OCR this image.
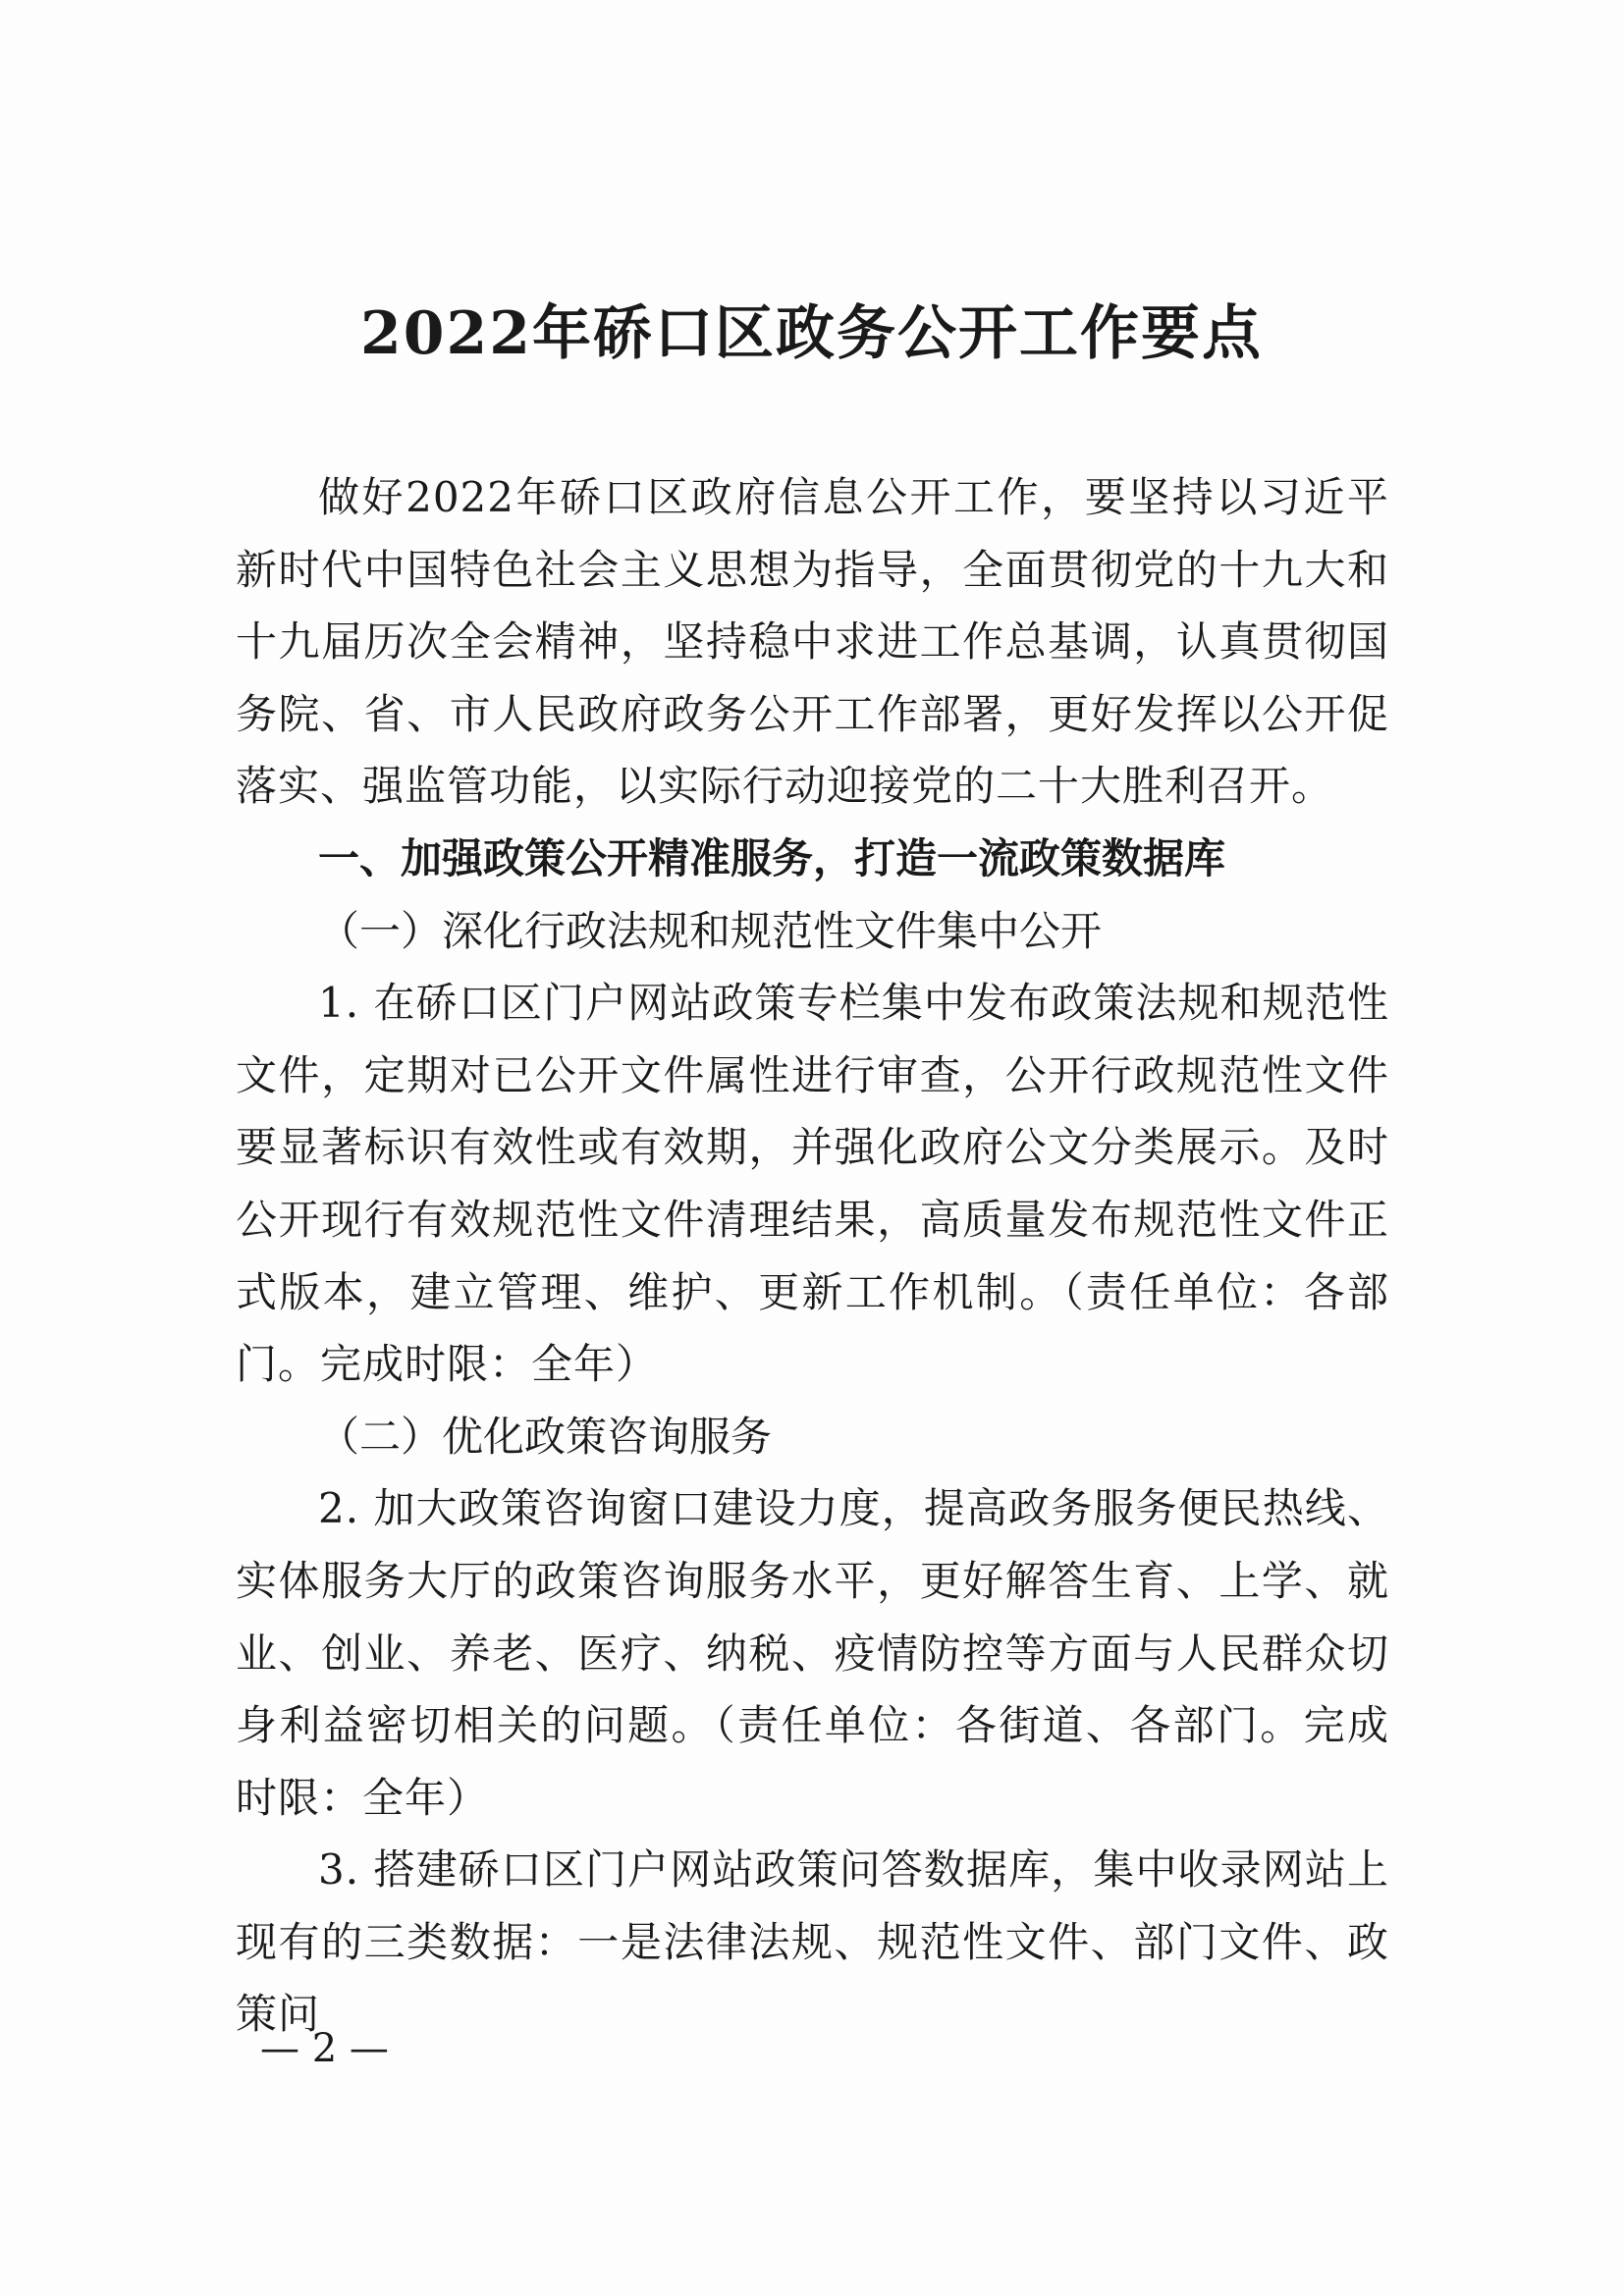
2022年硚口区政务公开工作要点

做好2022年硚口区政府信息公开工作，要坚持以习近平新时代中国特色社会主义思想为指导，全面贯彻党的十九大和十九届历次全会精神，坚持稳中求进工作总基调，认真贯彻国务院、省、市人民政府政务公开工作部署，更好发挥以公开促落实、强监管功能，以实际行动迎接党的二十大胜利召开。

一、加强政策公开精准服务，打造一流政策数据库

（一）深化行政法规和规范性文件集中公开

1. 在硚口区门户网站政策专栏集中发布政策法规和规范性文件，定期对已公开文件属性进行审查，公开行政规范性文件要显著标识有效性或有效期，并强化政府公文分类展示。及时公开现行有效规范性文件清理结果，高质量发布规范性文件正式版本，建立管理、维护、更新工作机制。（责任单位：各部门。完成时限：全年）

（二）优化政策咨询服务

2. 加大政策咨询窗口建设力度，提高政务服务便民热线、实体服务大厅的政策咨询服务水平，更好解答生育、上学、就业、创业、养老、医疗、纳税、疫情防控等方面与人民群众切身利益密切相关的问题。（责任单位：各街道、各部门。完成时限：全年）

3. 搭建硚口区门户网站政策问答数据库，集中收录网站上现有的三类数据：一是法律法规、规范性文件、部门文件、政策问

— 2 —
